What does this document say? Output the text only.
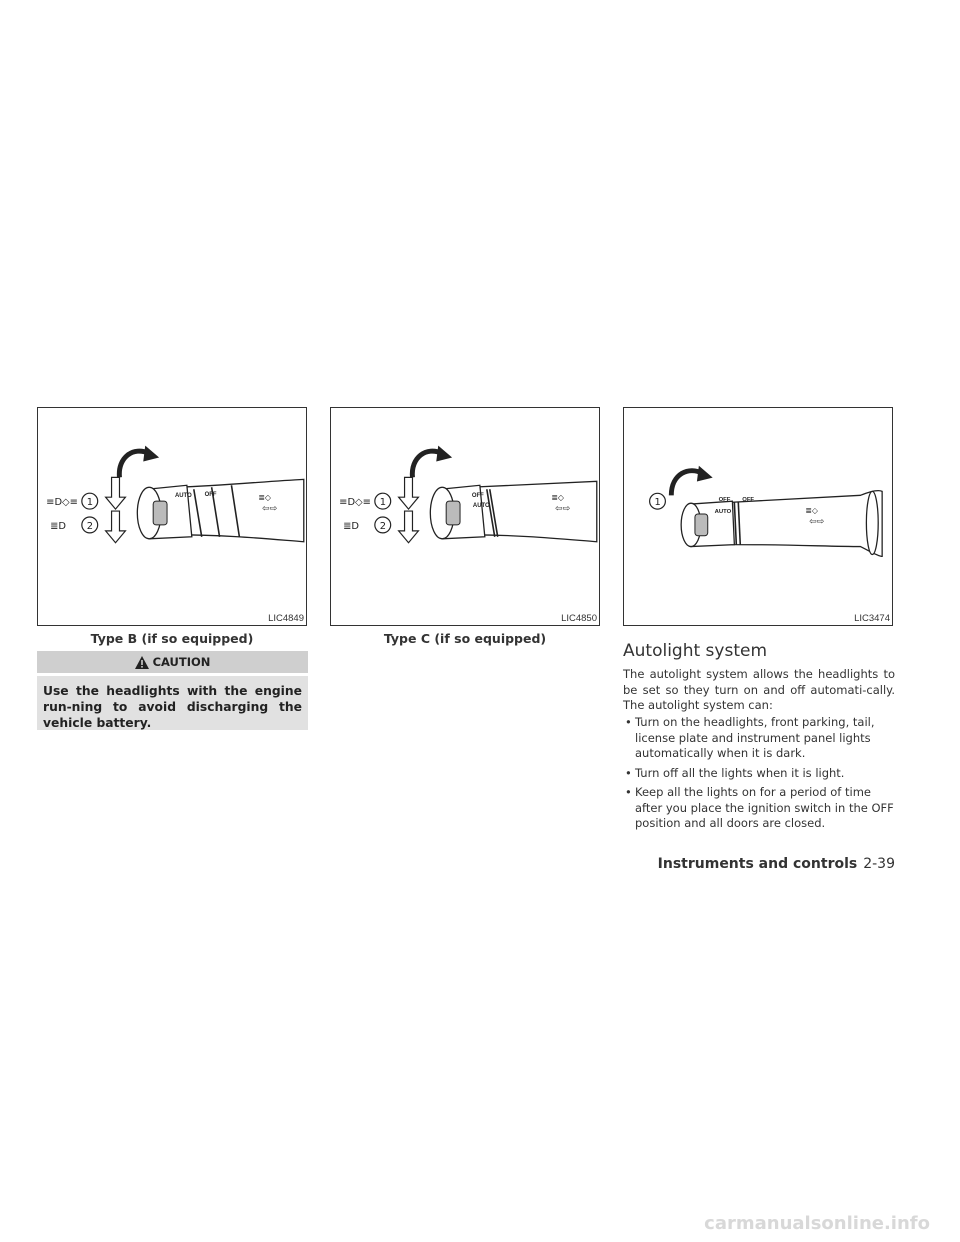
AUTO OFF	≣◇
⇦⇨
1
2
≡D◇≡
≣D
LIC4849
Type B (if so equipped)
OFF
AUTO
≣◇
⇦⇨
1
2
≡D◇≡
≣D
LIC4850
Type C (if so equipped)
OFF OFF
AUTO	≣◇
⇦⇨
1
LIC3474
CAUTION
Use the headlights with the engine run-ning to avoid discharging the vehicle battery.
Autolight system

The autolight system allows the headlights to be set so they turn on and off automati-cally. The autolight system can:

• Turn on the headlights, front parking, tail, license plate and instrument panel lights automatically when it is dark.
• Turn off all the lights when it is light.
• Keep all the lights on for a period of time after you place the ignition switch in the OFF position and all doors are closed.
Instruments and controls 2-39
carmanualsonline.info
